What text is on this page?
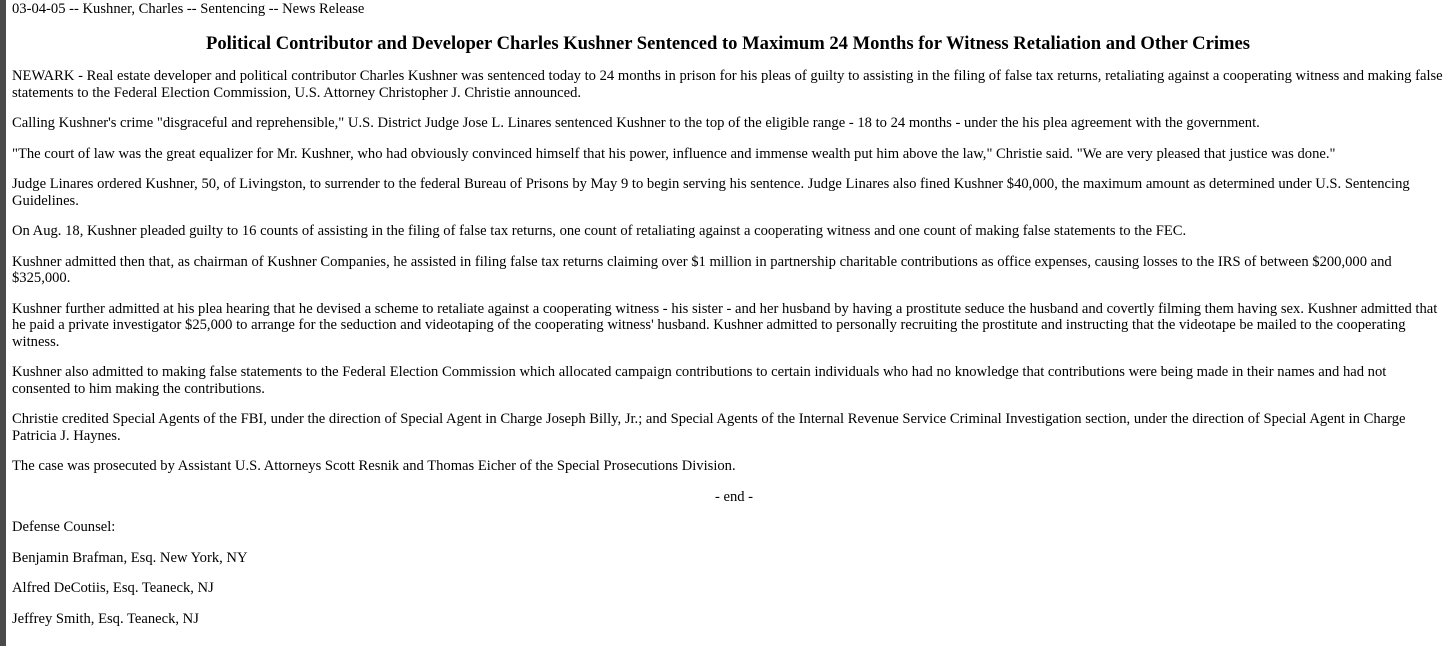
03-04-05 -- Kushner, Charles -- Sentencing -- News Release
Political Contributor and Developer Charles Kushner Sentenced to Maximum 24 Months for Witness Retaliation and Other Crimes

NEWARK - Real estate developer and political contributor Charles Kushner was sentenced today to 24 months in prison for his pleas of guilty to assisting in the filing of false tax returns, retaliating against a cooperating witness and making false statements to the Federal Election Commission, U.S. Attorney Christopher J. Christie announced.

Calling Kushner's crime "disgraceful and reprehensible," U.S. District Judge Jose L. Linares sentenced Kushner to the top of the eligible range - 18 to 24 months - under the his plea agreement with the government.

"The court of law was the great equalizer for Mr. Kushner, who had obviously convinced himself that his power, influence and immense wealth put him above the law," Christie said. "We are very pleased that justice was done."

Judge Linares ordered Kushner, 50, of Livingston, to surrender to the federal Bureau of Prisons by May 9 to begin serving his sentence. Judge Linares also fined Kushner $40,000, the maximum amount as determined under U.S. Sentencing Guidelines.

On Aug. 18, Kushner pleaded guilty to 16 counts of assisting in the filing of false tax returns, one count of retaliating against a cooperating witness and one count of making false statements to the FEC.

Kushner admitted then that, as chairman of Kushner Companies, he assisted in filing false tax returns claiming over $1 million in partnership charitable contributions as office expenses, causing losses to the IRS of between $200,000 and $325,000.

Kushner further admitted at his plea hearing that he devised a scheme to retaliate against a cooperating witness - his sister - and her husband by having a prostitute seduce the husband and covertly filming them having sex. Kushner admitted that he paid a private investigator $25,000 to arrange for the seduction and videotaping of the cooperating witness' husband. Kushner admitted to personally recruiting the prostitute and instructing that the videotape be mailed to the cooperating witness.

Kushner also admitted to making false statements to the Federal Election Commission which allocated campaign contributions to certain individuals who had no knowledge that contributions were being made in their names and had not consented to him making the contributions.

Christie credited Special Agents of the FBI, under the direction of Special Agent in Charge Joseph Billy, Jr.; and Special Agents of the Internal Revenue Service Criminal Investigation section, under the direction of Special Agent in Charge Patricia J. Haynes.

The case was prosecuted by Assistant U.S. Attorneys Scott Resnik and Thomas Eicher of the Special Prosecutions Division.

- end -

Defense Counsel:

Benjamin Brafman, Esq. New York, NY

Alfred DeCotiis, Esq. Teaneck, NJ

Jeffrey Smith, Esq. Teaneck, NJ
